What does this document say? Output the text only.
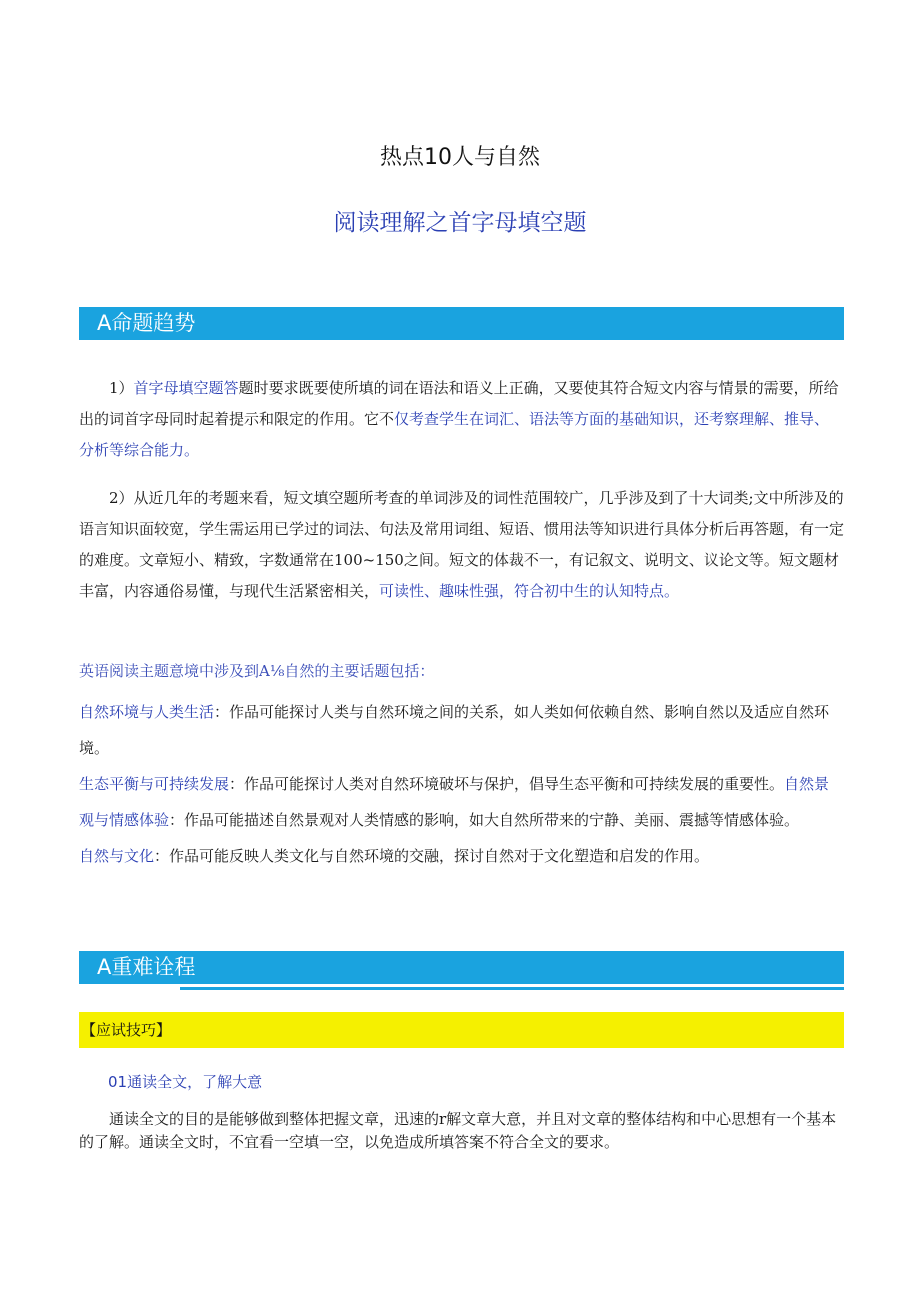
热点10人与自然
阅读理解之首字母填空题
A命题趋势
1）首字母填空题答题时要求既要使所填的词在语法和语义上正确，又要使其符合短文内容与情景的需要，所给出的词首字母同时起着提示和限定的作用。它不仅考查学生在词汇、语法等方面的基础知识，还考察理解、推导、分析等综合能力。
2）从近几年的考题来看，短文填空题所考查的单词涉及的词性范围较广，几乎涉及到了十大词类;文中所涉及的语言知识面较宽，学生需运用已学过的词法、句法及常用词组、短语、惯用法等知识进行具体分析后再答题，有一定的难度。文章短小、精致，字数通常在100~150之间。短文的体裁不一，有记叙文、说明文、议论文等。短文题材丰富，内容通俗易懂，与现代生活紧密相关，可读性、趣味性强，符合初中生的认知特点。
英语阅读主题意境中涉及到A⅛自然的主要话题包括：
自然环境与人类生活：作品可能探讨人类与自然环境之间的关系，如人类如何依赖自然、影响自然以及适应自然环境。
生态平衡与可持续发展：作品可能探讨人类对自然环境破坏与保护，倡导生态平衡和可持续发展的重要性。自然景观与情感体验：作品可能描述自然景观对人类情感的影响，如大自然所带来的宁静、美丽、震撼等情感体验。
自然与文化：作品可能反映人类文化与自然环境的交融，探讨自然对于文化塑造和启发的作用。
A重难诠程
【应试技巧】
01通读全文，了解大意
通读全文的目的是能够做到整体把握文章，迅速的r解文章大意，并且对文章的整体结构和中心思想有一个基本的了解。通读全文时，不宜看一空填一空，以免造成所填答案不符合全文的要求。
